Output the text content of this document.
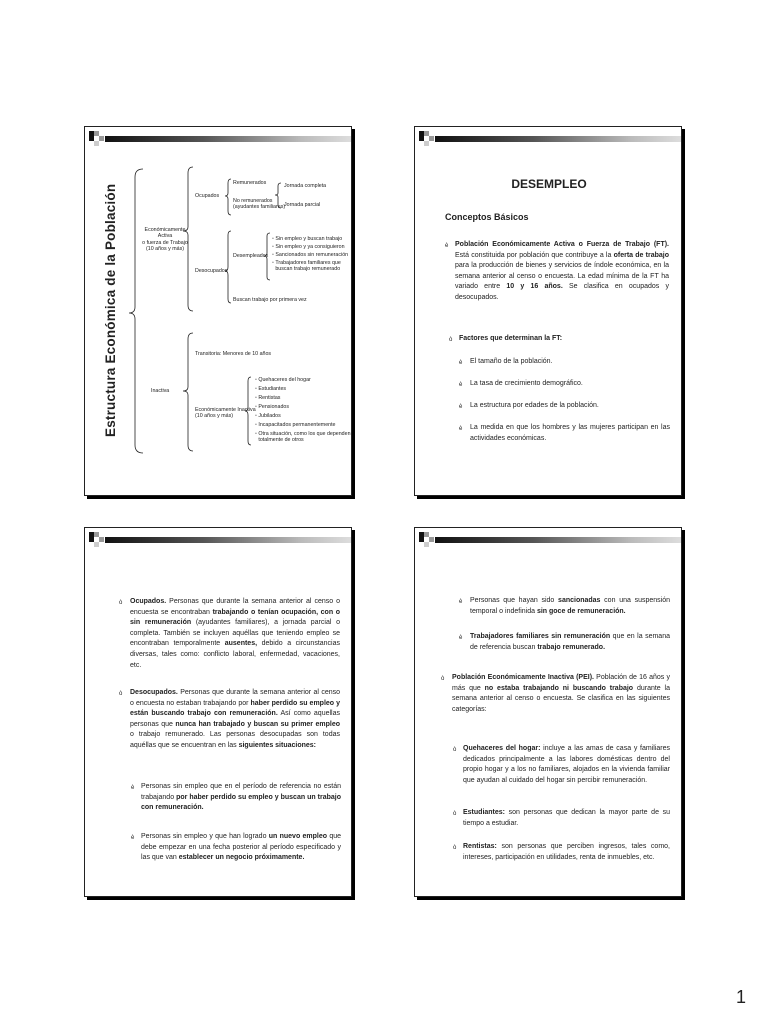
Estructura Económica de la Población	Económicamente Activa
o fuerza de Trabajo
(10 años y más)
Ocupados
Remunerados
No remunerados
(ayudantes familiares)
Jornada completa
Jornada parcial
Desocupados
Desempleados
▫ Sin empleo y buscan trabajo
▫ Sin empleo y ya consiguieron
▫ Sancionados sin remuneración
▫ Trabajadores familiares que
buscan trabajo remunerado
Buscan trabajo por primera vez
Inactiva
Transitoria: Menores de 10 años
Económicamente Inactiva
(10 años y más)
▫ Quehaceres del hogar
▫ Estudiantes
▫ Rentistas
▫ Pensionados
▫ Jubilados
▫ Incapacitados permanentemente
▫ Otra situación, como los que dependen
totalmente de otros
DESEMPLEO
Conceptos Básicos
è Población Económicamente Activa o Fuerza de Trabajo (FT). Está constituida por población que contribuye a la oferta de trabajo para la producción de bienes y servicios de índole económica, en la semana anterior al censo o encuesta. La edad mínima de la FT ha variado entre 10 y 16 años. Se clasifica en ocupados y desocupados.
ò Factores que determinan la FT:
è El tamaño de la población.
è La tasa de crecimiento demográfico.
è La estructura por edades de la población.
è La medida en que los hombres y las mujeres participan en las actividades económicas.
ò Ocupados. Personas que durante la semana anterior al censo o encuesta se encontraban trabajando o tenían ocupación, con o sin remuneración (ayudantes familiares), a jornada parcial o completa. También se incluyen aquéllas que teniendo empleo se encontraban temporalmente ausentes, debido a circunstancias diversas, tales como: conflicto laboral, enfermedad, vacaciones, etc.
ò Desocupados. Personas que durante la semana anterior al censo o encuesta no estaban trabajando por haber perdido su empleo y están buscando trabajo con remuneración. Así como aquellas personas que nunca han trabajado y buscan su primer empleo o trabajo remunerado. Las personas desocupadas son todas aquéllas que se encuentran en las siguientes situaciones:
è Personas sin empleo que en el período de referencia no están trabajando por haber perdido su empleo y buscan un trabajo con remuneración.
è Personas sin empleo y que han logrado un nuevo empleo que debe empezar en una fecha posterior al período especificado y las que van establecer un negocio próximamente.
è Personas que hayan sido sancionadas con una suspensión temporal o indefinida sin goce de remuneración.
è Trabajadores familiares sin remuneración que en la semana de referencia buscan trabajo remunerado.
ò Población Económicamente Inactiva (PEI). Población de 16 años y más que no estaba trabajando ni buscando trabajo durante la semana anterior al censo o encuesta. Se clasifica en las siguientes categorías:
ò Quehaceres del hogar: incluye a las amas de casa y familiares dedicados principalmente a las labores domésticas dentro del propio hogar y a los no familiares, alojados en la vivienda familiar que ayudan al cuidado del hogar sin percibir remuneración.
ò Estudiantes: son personas que dedican la mayor parte de su tiempo a estudiar.
ò Rentistas: son personas que perciben ingresos, tales como, intereses, participación en utilidades, renta de inmuebles, etc.
1
